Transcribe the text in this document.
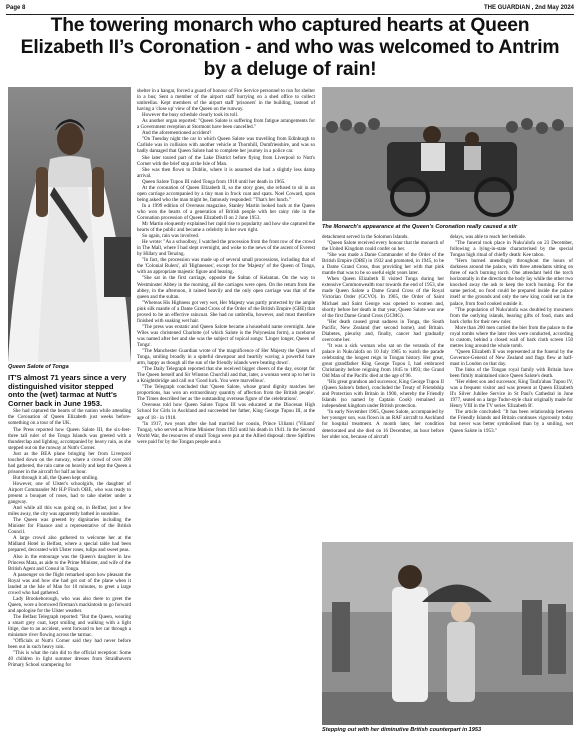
Page 8	THE GUARDIAN , 2nd May 2024
The towering monarch who captured hearts at Queen Elizabeth II’s Coronation - and who was welcomed to Antrim by a deluge of rain!
Queen Salote of Tonga
The Monarch's appearance at the Queen's Coronation really caused a stir
Stepping out with her diminutive British counterpart in 1953

IT'S almost 71 years since a very distinguished visitor stepped onto the (wet) tarmac at Nutt's Corner back in June 1953.

She had captured the hearts of the nation while attending the Coronation of Queen Elizabeth just weeks before-something on a tour of the UK.

The Press reported how Queen Salote III, the six-feet-three tall ruler of the Tonga Islands was greeted with a thunderclap and lighting, accompanied by heavy rain, as she stepped out on the runway at Nutt's Corner.

Just as the BEA plane bringing her from Liverpool touched down on the runway, where a crowd of over 200 had gathered, the rain came on heavily and kept the Queen a prisoner in the aircraft for half an hour.

But through it all, the Queen kept smiling.

However, one of Ulster's schoolgirls, the daughter of Airport Commander Mr H.P Finch OBE, who was ready to present a bouquet of roses, had to take shelter under a gangway.

And while all this was going on, in Belfast, just a few miles away, the city was apparently bathed in sunshine.

The Queen was greeted by dignitaries including the Minister for Finance and a representative of the British Council.

A large crowd also gathered to welcome her at the Midland Hotel in Belfast, where a special table had been prepared, decorated with Ulster roses, tulips and sweet peas.

Also in the entourage was the Queen's daughter in law Princess Mata, as aide to the Prime Minister, and wife of the British Agent and Consul in Tonga.

A passenger on the flight remarked upon how pleasant the Royal was and how she had got out of the plane when it landed at the Isle of Man for 10 minutes, to greet a large crowd who had gathered.

Lady Brookeborough, who was also there to greet the Queen, wore a borrowed fireman's mackintosh to go forward and apologise for the Ulster weather.

The Belfast Telegraph reported: "But the Queen, wearing a smart grey coat, kept smiling and walking with a light litige, due to an accident, went forward to her car through a miniature river flowing across the tarmac.

"Officials at Nutt's Corner said they had never before been out in such heavy rain.

"This is what the rain did to the official reception: Some 40 children in light summer dresses from Straidhavern Primary School scampering for

shelter in a hangar, forced a guard of honour of Fire Service personnel to run for shelter in a bus; Sent a member of the airport staff hurrying on a shed office to collect umbrellas. Kept members of the airport staff 'prisoners' in the building, instead of having a 'close up' view of the Queen on the runway.

However the busy schedule clearly took its toll.

As another organ reported: "Queen Salote is suffering from fatigue arrangements for a Government reception at Stormont have been cancelled."

And the aforementioned accident?

"On Tuesday night the car in which Queen Salote was travelling from Edinburgh to Carlisle was in collision with another vehicle at Thornhill, Dumfriesshire, and was so badly damaged that Queen Salote had to complete her journey in a police car.

She later toured part of the Lake District before flying from Liverpool to Nutt's Corner with the brief stop at the Isle of Man.

She was then flown to Dublin, where it is assumed she had a slightly less damp arrival.

Queen Salote Tupou III ruled Tonga from 1918 until her death in 1965.

At the coronation of Queen Elizabeth II, so the story goes, she refused to sit in an open carriage accompanied by a tiny man in frock coat and spats. Noel Coward, upon being asked who the man might be, famously responded: "That's her lunch."

In a 1999 edition of Overseas magazine, Stanley Martin looked back at the Queen who won the hearts of a generation of British people with her rainy ride in the Coronation procession of Queen Elizabeth II on 2 June 1953.

Mr Martin eloquently explained her rapid rise to popularity and how she captured the hearts of the public and became a celebrity in her own right.

So again, rain was involved.

He wrote: "As a schoolboy, I watched the procession from the front row of the crowd in The Mall, where I had slept overnight, and woke to the news of the ascent of Everest by Hillary and Tenzing.

"In fact, the procession was made up of several small processions, including that of the 'Colonial Rulers', all 'Highnesses', except for the 'Majesty' of the Queen of Tonga, with an appropriate majestic figure and bearing.

"She sat in the first carriage, opposite the Sultan of Kelantan. On the way to Westminster Abbey in the morning, all the carriages were open. On the return from the abbey, in the afternoon, it rained heavily and the only open carriage was that of the queen and the sultan.

"Whereas His Highness got very wet, Her Majesty was partly protected by the ample pink silk mantle of a Dame Grand Cross of the Order of the British Empire (GBE) that proved to be an effective raincoat. She had no umbrella, however, and must therefore finished with soaking wet hair.

"The press was ecstatic and Queen Salote became a household name overnight. Jane Wiles was christened Charlotte (of which Salote is the Polynesian form), a racehorse was named after her and she was the subject of topical songs: 'Linger longer, Queen of Tonga'.

"The Manchester Guardian wrote of 'the magnificence of Her Majesty the Queen of Tonga, smiling broadly in a spiteful downpour and heartily waving a powerful bare arm, happy as though all the sun of the friendly islands were beating down'.

"The Daily Telegraph reported that she received bigger cheers of the day, except for The Queen herself and Sir Winston Churchill and that, later, a woman went up to her in a Knightsbridge and call out 'Good luck. You were marvellous'.

"The Telegraph concluded that 'Queen Salote, whose grand dignity matches her proportions, has won an extraordinary quantity of affection from the British people'. The Times described her as 'the outstanding overseas figure of the celebrations'.

Overseas told how Queen Salote Tupou III was educated at the Diocesan High School for Girls in Auckland and succeeded her father, King George Tupou III, at the age of 18 - in 1918.

"In 1917, two years after she had married her cousin, Prince Uiliami ('Viliami' Tunga), who served as Prime Minister from 1923 until his death in 1941. In the Second World War, the resources of small Tonga were put at the Allied disposal: three Spitfires were paid for by the Tongan people and a

detachment served in the Solomon Islands.

"Queen Salote received every honour that the monarch of the United Kingdom could confer on her.

"She was made a Dame Commander of the Order of the British Empire (DBE) in 1932 and promoted, in 1945, to be a Dame Grand Cross, thus providing her with that pink mantle that was to be so useful eight years later.

When Queen Elizabeth II visited Tonga during her extensive Commonwealth tour towards the end of 1953, she made Queen Salote a Dame Grand Cross of the Royal Victorian Order (GCVO). In 1965, the Order of Saint Michael and Saint George was opened to women and, shortly before her death in that year, Queen Salote was one of the first Dame Grand Cross (GCMG).

"Her death caused great sadness in Tonga, the South Pacific, New Zealand (her second home), and Britain. Diabetes, pleurisy and, finally, cancer had gradually overcome her.

"It was a sick woman who sat on the veranda of the palace in Nuku'alofa on 10 July 1965 to watch the parade celebrating the longest reign in Tongan history. Her great, great grandfather King George Tupou I, had embraced Christianity before reigning from 1845 to 1893; the Grand Old Man of the Pacific died at the age of 96.

"His great grandson and successor, King George Tupou II (Queen Salote's father), concluded the Treaty of Friendship and Protection with Britain in 1900, whereby the Friendly Islands (so named by Captain Cook) remained an independent kingdom under British protection.

"In early November 1965, Queen Salote, accompanied by her younger son, was flown in an RAF aircraft to Auckland for hospital treatment. A month later, her condition deteriorated and she died on 16 December, an hour before her older son, because of aircraft

delays, was able to reach her bedside.

"The funeral took place in Nuku'alofa on 23 December, following a lying-in-state characterised by the special Tongan high ritual of chiefly death: Kee taboo.

"Hero burned unendingly throughout the hours of darkness around the palace, with three attendants sitting on three of each burning torch. One attendant held the torch horizontally in the direction the body lay while the other two knocked away the ash to keep the torch burning. For the same period, no food could be prepared inside the palace itself or the grounds and only the new king could eat in the palace, from food cooked outside it.

"The population of Nuku'alofa was doubled by mourners from the outlying islands, bearing gifts of food, mats and bark cloths for their new ruler.

More than 200 men carried the bier from the palace to the royal tombs where the later rites were conducted, according to custom, behind a closed wall of bark cloth screen 150 metres long around the whole tomb.

"Queen Elizabeth II was represented at the funeral by the Governor-General of New Zealand and flags flew at half-mast in London on that day.

The links of the Tongan royal family with Britain have been firmly maintained since Queen Salote's death.

"Her eldest son and successor, King Taufa'ahau Tupou IV, was a frequent visitor and was present at Queen Elizabeth II's Silver Jubilee Service in St Paul's Cathedral in June 1977, seated on a large Tudor-style chair originally made for Henry VIII in the TV series 'Elizabeth R'.

The article concluded: "It has been relationship between the Friendly Islands and Britain continues vigorously today but never was better symbolised than by a smiling, wet Queen Salote in 1953."
